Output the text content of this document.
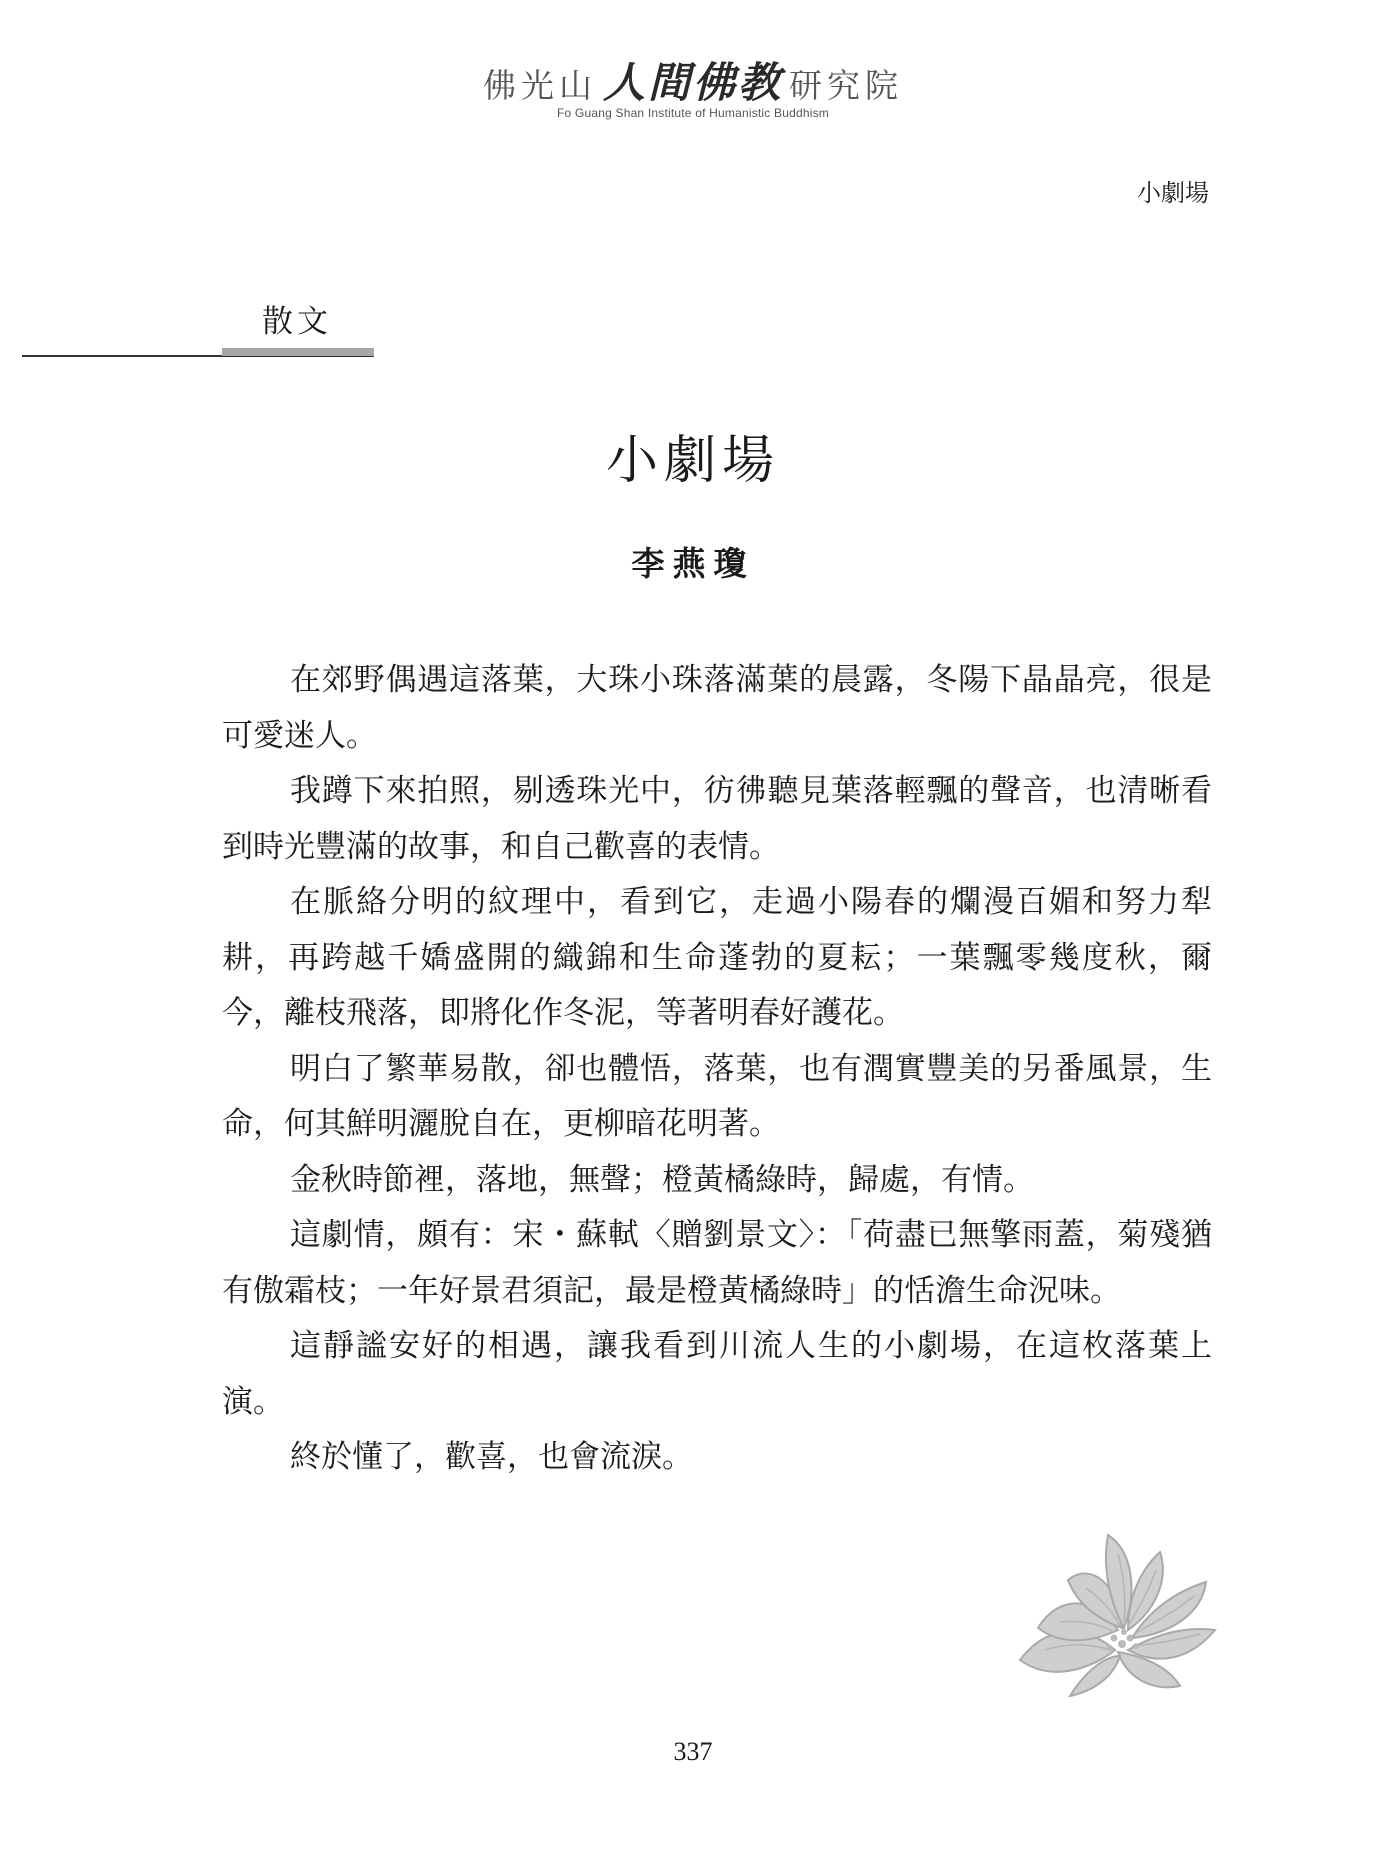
佛光山 人間佛教 研究院
Fo Guang Shan Institute of Humanistic Buddhism
小劇場
散文
小劇場
李燕瓊

在郊野偶遇這落葉，大珠小珠落滿葉的晨露，冬陽下晶晶亮，很是可愛迷人。

我蹲下來拍照，剔透珠光中，彷彿聽見葉落輕飄的聲音，也清晰看到時光豐滿的故事，和自己歡喜的表情。

在脈絡分明的紋理中，看到它，走過小陽春的爛漫百媚和努力犁耕，再跨越千嬌盛開的織錦和生命蓬勃的夏耘；一葉飄零幾度秋，爾今，離枝飛落，即將化作冬泥，等著明春好護花。

明白了繁華易散，卻也體悟，落葉，也有潤實豐美的另番風景，生命，何其鮮明灑脫自在，更柳暗花明著。

金秋時節裡，落地，無聲；橙黃橘綠時，歸處，有情。

這劇情，頗有：宋・蘇軾〈贈劉景文〉：「荷盡已無擎雨蓋，菊殘猶有傲霜枝；一年好景君須記，最是橙黃橘綠時」的恬澹生命況味。

這靜謐安好的相遇，讓我看到川流人生的小劇場，在這枚落葉上演。

終於懂了，歡喜，也會流淚。

337
